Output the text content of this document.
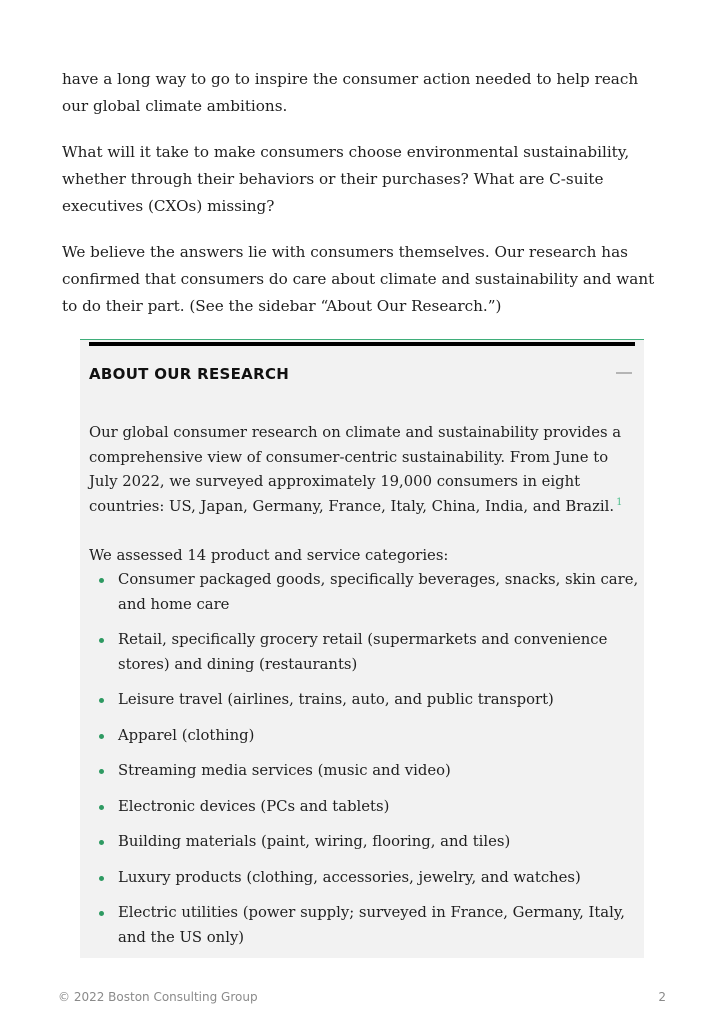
have a long way to go to inspire the consumer action needed to help reach our global climate ambitions.

What will it take to make consumers choose environmental sustainability, whether through their behaviors or their purchases? What are C-suite executives (CXOs) missing?

We believe the answers lie with consumers themselves. Our research has confirmed that consumers do care about climate and sustainability and want to do their part. (See the sidebar “About Our Research.”)

ABOUT OUR RESEARCH

Our global consumer research on climate and sustainability provides a comprehensive view of consumer-centric sustainability. From June to July 2022, we surveyed approximately 19,000 consumers in eight countries: US, Japan, Germany, France, Italy, China, India, and Brazil. $^1$

We assessed 14 product and service categories:

Consumer packaged goods, specifically beverages, snacks, skin care, and home care
Retail, specifically grocery retail (supermarkets and convenience stores) and dining (restaurants)
Leisure travel (airlines, trains, auto, and public transport)
Apparel (clothing)
Streaming media services (music and video)
Electronic devices (PCs and tablets)
Building materials (paint, wiring, flooring, and tiles)
Luxury products (clothing, accessories, jewelry, and watches)
Electric utilities (power supply; surveyed in France, Germany, Italy, and the US only)
© 2022 Boston Consulting Group	2
